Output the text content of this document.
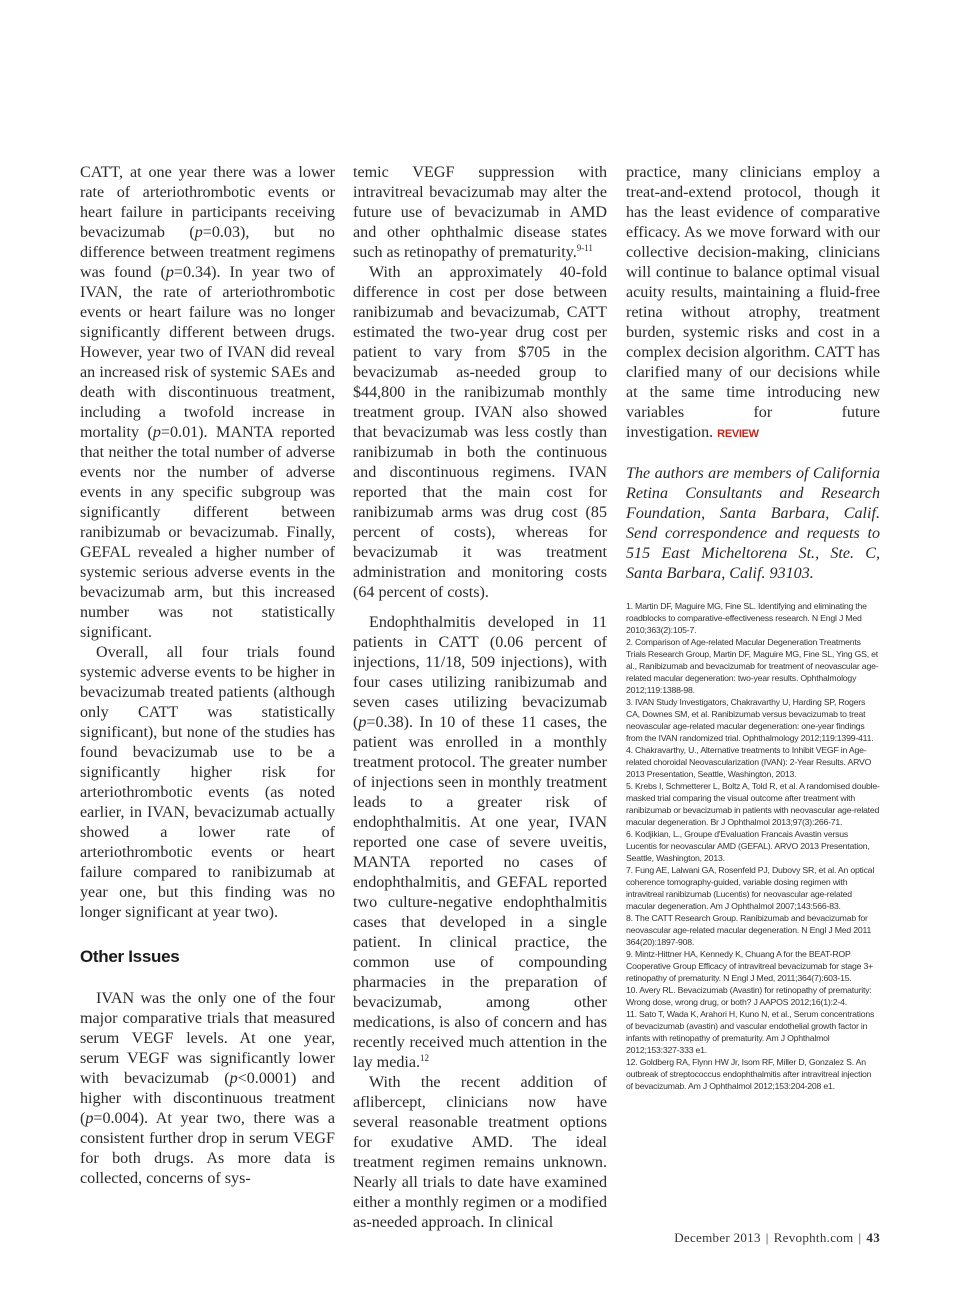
CATT, at one year there was a lower rate of arteriothrombotic events or heart failure in participants receiving bevacizumab (p=0.03), but no difference between treatment regimens was found (p=0.34). In year two of IVAN, the rate of arteriothrombotic events or heart failure was no longer significantly different between drugs. However, year two of IVAN did reveal an increased risk of systemic SAEs and death with discontinuous treatment, including a twofold increase in mortality (p=0.01). MANTA reported that neither the total number of adverse events nor the number of adverse events in any specific subgroup was significantly different between ranibizumab or bevacizumab. Finally, GEFAL revealed a higher number of systemic serious adverse events in the bevacizumab arm, but this increased number was not statistically significant.

Overall, all four trials found systemic adverse events to be higher in bevacizumab treated patients (although only CATT was statistically significant), but none of the studies has found bevacizumab use to be a significantly higher risk for arteriothrombotic events (as noted earlier, in IVAN, bevacizumab actually showed a lower rate of arteriothrombotic events or heart failure compared to ranibizumab at year one, but this finding was no longer significant at year two).

Other Issues

IVAN was the only one of the four major comparative trials that measured serum VEGF levels. At one year, serum VEGF was significantly lower with bevacizumab (p<0.0001) and higher with discontinuous treatment (p=0.004). At year two, there was a consistent further drop in serum VEGF for both drugs. As more data is collected, concerns of sys-

temic VEGF suppression with intravitreal bevacizumab may alter the future use of bevacizumab in AMD and other ophthalmic disease states such as retinopathy of prematurity.$^{9-11}$

With an approximately 40-fold difference in cost per dose between ranibizumab and bevacizumab, CATT estimated the two-year drug cost per patient to vary from $705 in the bevacizumab as-needed group to $44,800 in the ranibizumab monthly treatment group. IVAN also showed that bevacizumab was less costly than ranibizumab in both the continuous and discontinuous regimens. IVAN reported that the main cost for ranibizumab arms was drug cost (85 percent of costs), whereas for bevacizumab it was treatment administration and monitoring costs (64 percent of costs).

Endophthalmitis developed in 11 patients in CATT (0.06 percent of injections, 11/18, 509 injections), with four cases utilizing ranibizumab and seven cases utilizing bevacizumab (p=0.38). In 10 of these 11 cases, the patient was enrolled in a monthly treatment protocol. The greater number of injections seen in monthly treatment leads to a greater risk of endophthalmitis. At one year, IVAN reported one case of severe uveitis, MANTA reported no cases of endophthalmitis, and GEFAL reported two culture-negative endophthalmitis cases that developed in a single patient. In clinical practice, the common use of compounding pharmacies in the preparation of bevacizumab, among other medications, is also of concern and has recently received much attention in the lay media.$^{12}$

With the recent addition of aflibercept, clinicians now have several reasonable treatment options for exudative AMD. The ideal treatment regimen remains unknown. Nearly all trials to date have examined either a monthly regimen or a modified as-needed approach. In clinical

practice, many clinicians employ a treat-and-extend protocol, though it has the least evidence of comparative efficacy. As we move forward with our collective decision-making, clinicians will continue to balance optimal visual acuity results, maintaining a fluid-free retina without atrophy, treatment burden, systemic risks and cost in a complex decision algorithm. CATT has clarified many of our decisions while at the same time introducing new variables for future investigation. REVIEW

The authors are members of California Retina Consultants and Research Foundation, Santa Barbara, Calif. Send correspondence and requests to 515 East Micheltorena St., Ste. C, Santa Barbara, Calif. 93103.

1. Martin DF, Maguire MG, Fine SL. Identifying and eliminating the roadblocks to comparative-effectiveness research. N Engl J Med 2010;363(2):105-7.
2. Comparison of Age-related Macular Degeneration Treatments Trials Research Group, Martin DF, Maguire MG, Fine SL, Ying GS, et al., Ranibizumab and bevacizumab for treatment of neovascular age-related macular degeneration: two-year results. Ophthalmology 2012;119:1388-98.
3. IVAN Study Investigators, Chakravarthy U, Harding SP, Rogers CA, Downes SM, et al. Ranibizumab versus bevacizumab to treat neovascular age-related macular degeneration: one-year findings from the IVAN randomized trial. Ophthalmology 2012;119:1399-411.
4. Chakravarthy, U., Alternative treatments to Inhibit VEGF in Age-related choroidal Neovascularization (IVAN): 2-Year Results. ARVO 2013 Presentation, Seattle, Washington, 2013.
5. Krebs I, Schmetterer L, Boltz A, Told R, et al. A randomised double-masked trial comparing the visual outcome after treatment with ranibizumab or bevacizumab in patients with neovascular age-related macular degeneration. Br J Ophthalmol 2013;97(3):266-71.
6. Kodjikian, L., Groupe d'Evaluation Francais Avastin versus Lucentis for neovascular AMD (GEFAL). ARVO 2013 Presentation, Seattle, Washington, 2013.
7. Fung AE, Lalwani GA, Rosenfeld PJ, Dubovy SR, et al. An optical coherence tomography-guided, variable dosing regimen with intravitreal ranibizumab (Lucentis) for neovascular age-related macular degeneration. Am J Ophthalmol 2007;143:566-83.
8. The CATT Research Group. Ranibizumab and bevacizumab for neovascular age-related macular degeneration. N Engl J Med 2011 364(20):1897-908.
9. Mintz-Hittner HA, Kennedy K, Chuang A for the BEAT-ROP Cooperative Group Efficacy of intravitreal bevacizumab for stage 3+ retinopathy of prematurity. N Engl J Med, 2011;364(7):603-15.
10. Avery RL. Bevacizumab (Avastin) for retinopathy of prematurity: Wrong dose, wrong drug, or both? J AAPOS 2012;16(1):2-4.
11. Sato T, Wada K, Arahori H, Kuno N, et al., Serum concentrations of bevacizumab (avastin) and vascular endothelial growth factor in infants with retinopathy of prematurity. Am J Ophthalmol 2012;153:327-333 e1.
12. Goldberg RA, Flynn HW Jr, Isom RF, Miller D, Gonzalez S. An outbreak of streptococcus endophthalmitis after intravitreal injection of bevacizumab. Am J Ophthalmol 2012;153:204-208 e1.
December 2013 | Revophth.com | 43
